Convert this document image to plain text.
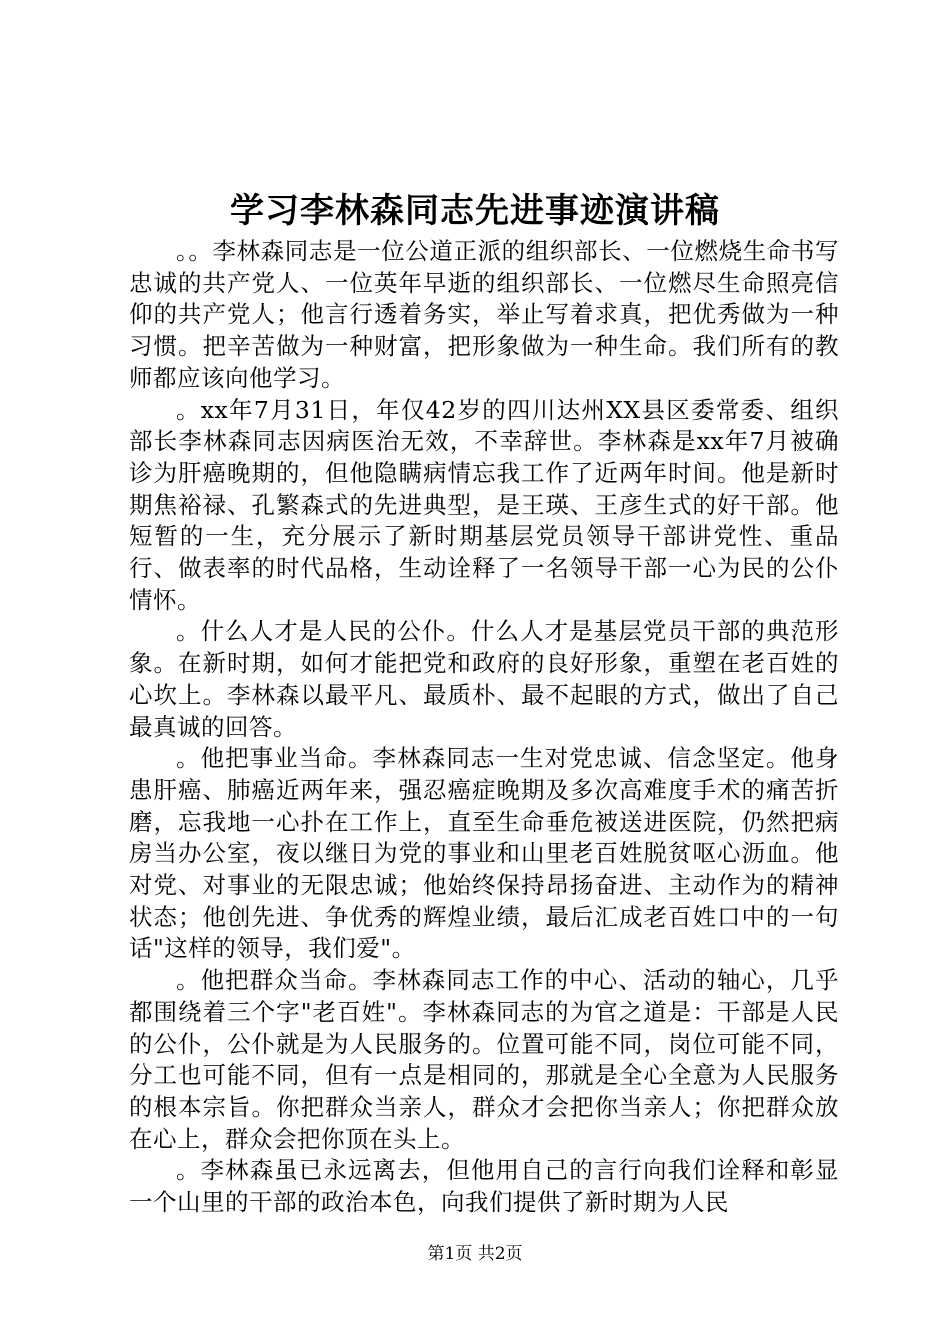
学习李林森同志先进事迹演讲稿

。。李林森同志是一位公道正派的组织部长、一位燃烧生命书写忠诚的共产党人、一位英年早逝的组织部长、一位燃尽生命照亮信仰的共产党人；他言行透着务实，举止写着求真，把优秀做为一种习惯。把辛苦做为一种财富，把形象做为一种生命。我们所有的教师都应该向他学习。

。xx年7月31日，年仅42岁的四川达州XX县区委常委、组织部长李林森同志因病医治无效，不幸辞世。李林森是xx年7月被确诊为肝癌晚期的，但他隐瞒病情忘我工作了近两年时间。他是新时期焦裕禄、孔繁森式的先进典型，是王瑛、王彦生式的好干部。他短暂的一生，充分展示了新时期基层党员领导干部讲党性、重品行、做表率的时代品格，生动诠释了一名领导干部一心为民的公仆情怀。

。什么人才是人民的公仆。什么人才是基层党员干部的典范形象。在新时期，如何才能把党和政府的良好形象，重塑在老百姓的心坎上。李林森以最平凡、最质朴、最不起眼的方式，做出了自己最真诚的回答。

。他把事业当命。李林森同志一生对党忠诚、信念坚定。他身患肝癌、肺癌近两年来，强忍癌症晚期及多次高难度手术的痛苦折磨，忘我地一心扑在工作上，直至生命垂危被送进医院，仍然把病房当办公室，夜以继日为党的事业和山里老百姓脱贫呕心沥血。他对党、对事业的无限忠诚；他始终保持昂扬奋进、主动作为的精神状态；他创先进、争优秀的辉煌业绩，最后汇成老百姓口中的一句话"这样的领导，我们爱"。

。他把群众当命。李林森同志工作的中心、活动的轴心，几乎都围绕着三个字"老百姓"。李林森同志的为官之道是：干部是人民的公仆，公仆就是为人民服务的。位置可能不同，岗位可能不同，分工也可能不同，但有一点是相同的，那就是全心全意为人民服务的根本宗旨。你把群众当亲人，群众才会把你当亲人；你把群众放在心上，群众会把你顶在头上。

。李林森虽已永远离去，但他用自己的言行向我们诠释和彰显一个山里的干部的政治本色，向我们提供了新时期为人民

第1页 共2页
